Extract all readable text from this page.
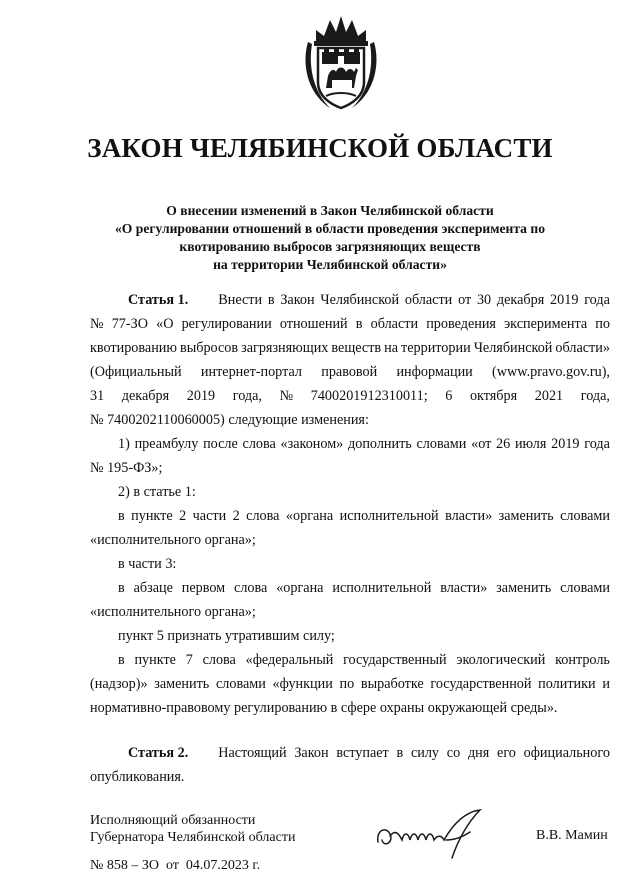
ЗАКОН ЧЕЛЯБИНСКОЙ ОБЛАСТИ
О внесении изменений в Закон Челябинской области
«О регулировании отношений в области проведения эксперимента по
квотированию выбросов загрязняющих веществ
на территории Челябинской области»
Статья 1. Внести в Закон Челябинской области от 30 декабря 2019 года
№ 77-ЗО «О регулировании отношений в области проведения эксперимента по
квотированию выбросов загрязняющих веществ на территории Челябинской области»
(Официальный интернет-портал правовой информации (www.pravo.gov.ru),
31 декабря 2019 года, № 7400201912310011; 6 октября 2021 года,
№ 7400202110060005) следующие изменения:
1) преамбулу после слова «законом» дополнить словами «от 26 июля 2019 года
№ 195-ФЗ»;
2) в статье 1:
в пункте 2 части 2 слова «органа исполнительной власти» заменить словами
«исполнительного органа»;
в части 3:
в абзаце первом слова «органа исполнительной власти» заменить словами
«исполнительного органа»;
пункт 5 признать утратившим силу;
в пункте 7 слова «федеральный государственный экологический контроль
(надзор)» заменить словами «функции по выработке государственной политики и
нормативно-правовому регулированию в сфере охраны окружающей среды».
Статья 2. Настоящий Закон вступает в силу со дня его официального
опубликования.
Исполняющий обязанности
Губернатора Челябинской области	В.В. Мамин
№ 858 – ЗО  от  04.07.2023 г.
